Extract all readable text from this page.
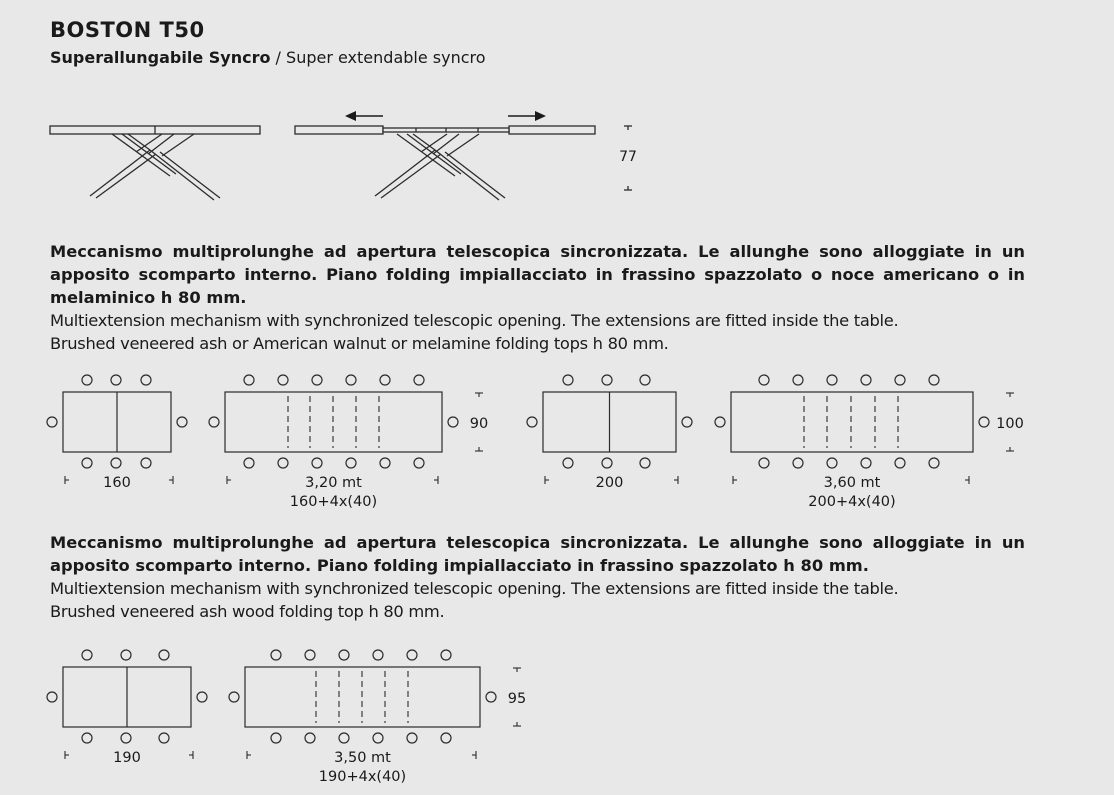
BOSTON T50
Superallungabile Syncro / Super extendable syncro
77
Meccanismo multiprolunghe ad apertura telescopica sincronizzata. Le allunghe sono alloggiate in un apposito scomparto interno. Piano folding impiallacciato in frassino spazzolato o noce americano o in melaminico h 80 mm.
Multiextension mechanism with synchronized telescopic opening. The extensions are fitted inside the table.
Brushed veneered ash or American walnut or melamine folding tops h 80 mm.
Meccanismo multiprolunghe ad apertura telescopica sincronizzata. Le allunghe sono alloggiate in un apposito scomparto interno. Piano folding impiallacciato in frassino spazzolato h 80 mm.
Multiextension mechanism with synchronized telescopic opening. The extensions are fitted inside the table.
Brushed veneered ash wood folding top h 80 mm.
160	3,20 mt
160+4x(40)
90
200	3,60 mt
200+4x(40)
100
190	3,50 mt
190+4x(40)
95
